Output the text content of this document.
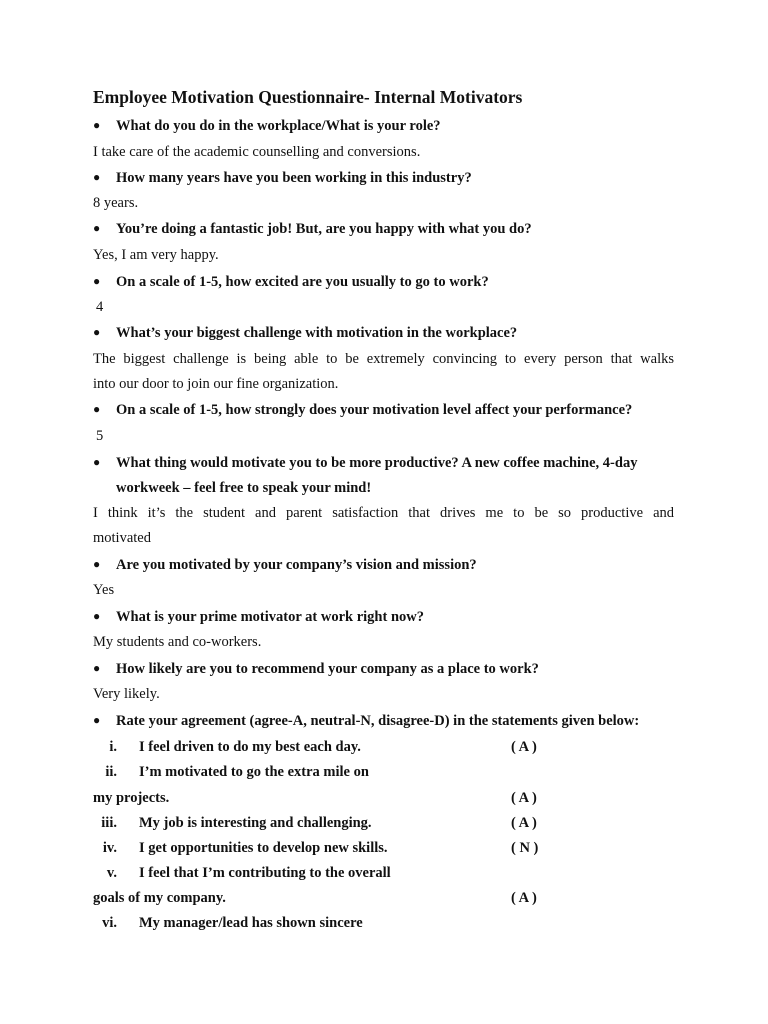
Employee Motivation Questionnaire- Internal Motivators
● What do you do in the workplace/What is your role?
I take care of the academic counselling and conversions.
● How many years have you been working in this industry?
8 years.
● You’re doing a fantastic job! But, are you happy with what you do?
Yes, I am very happy.
● On a scale of 1-5, how excited are you usually to go to work?
4
● What’s your biggest challenge with motivation in the workplace?
The biggest challenge is being able to be extremely convincing to every person that walks
into our door to join our fine organization.
● On a scale of 1-5, how strongly does your motivation level affect your performance?
5
● What thing would motivate you to be more productive? A new coffee machine, 4-day
workweek – feel free to speak your mind!
I think it’s the student and parent satisfaction that drives me to be so productive and
motivated
● Are you motivated by your company’s vision and mission?
Yes
● What is your prime motivator at work right now?
My students and co-workers.
● How likely are you to recommend your company as a place to work?
Very likely.
● Rate your agreement (agree-A, neutral-N, disagree-D) in the statements given below:
i. I feel driven to do my best each day.	( A )
ii. I’m motivated to go the extra mile on
my projects.	( A )
iii. My job is interesting and challenging.	( A )
iv. I get opportunities to develop new skills.	( N )
v. I feel that I’m contributing to the overall
goals of my company.	( A )
vi. My manager/lead has shown sincere
